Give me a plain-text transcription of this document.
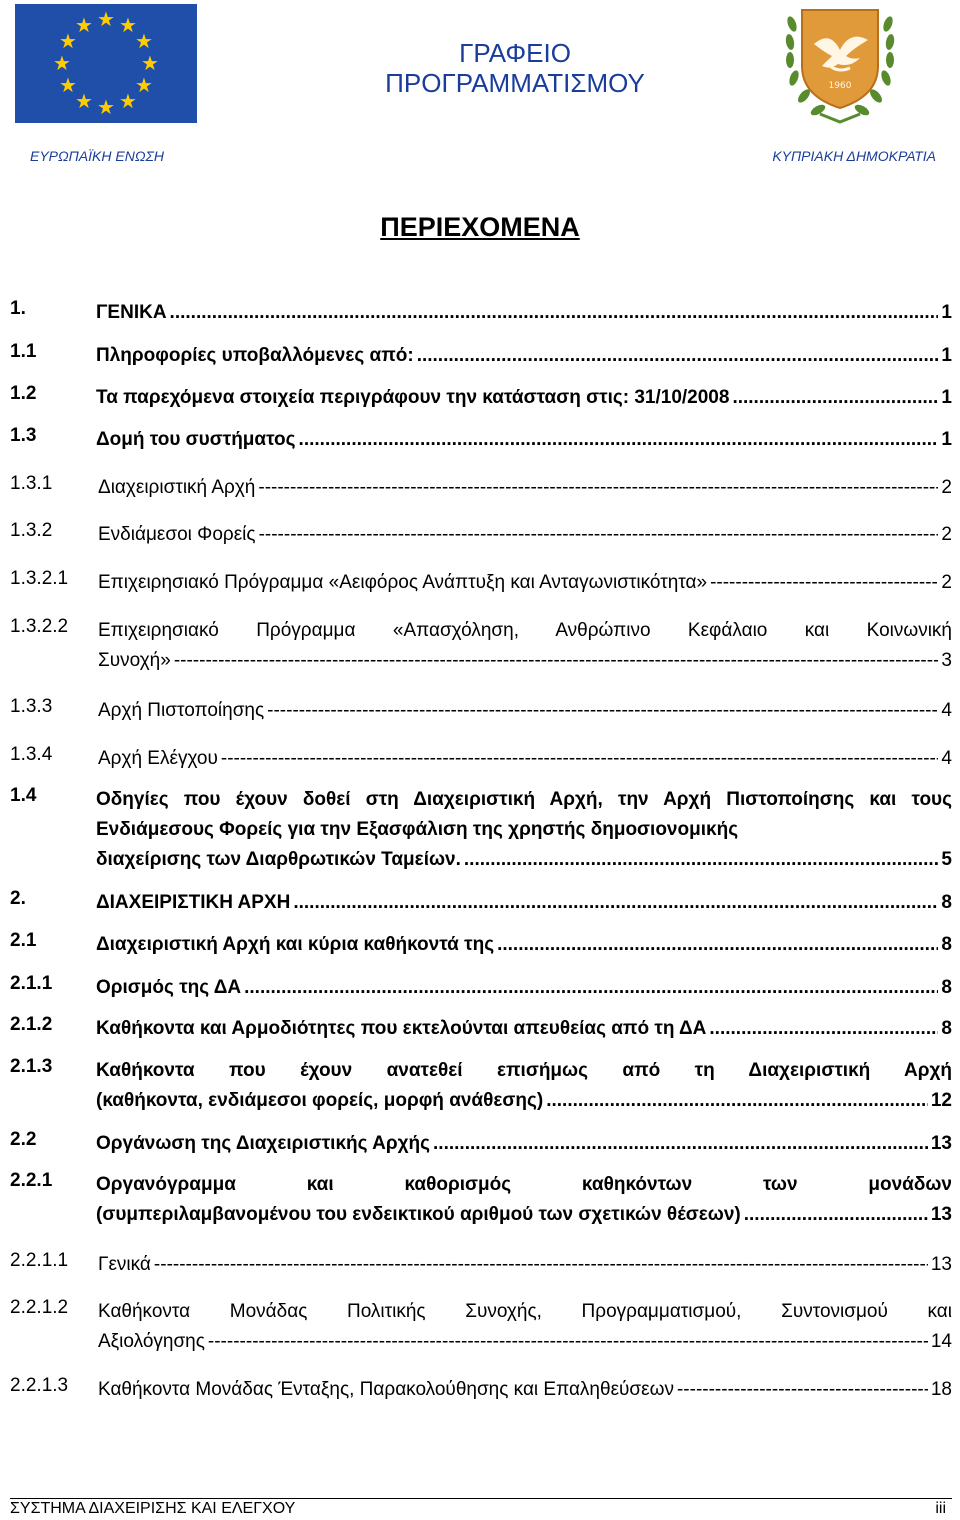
★ ★
★
★
★
★
★
★
★
★
★
★
ΓΡΑΦΕΙΟ
ΠΡΟΓΡΑΜΜΑΤΙΣΜΟΥ	1960
ΕΥΡΩΠΑΪΚΗ ΕΝΩΣΗ	ΚΥΠΡΙΑΚΗ ΔΗΜΟΚΡΑΤΙΑ
ΠΕΡΙΕΧΟΜΕΝΑ
1.	ΓΕΝΙΚΑ .....	1
1.1	Πληροφορίες υποβαλλόμενες από: .....	1
1.2	Τα παρεχόμενα στοιχεία περιγράφουν την κατάσταση στις: 31/10/2008 .....	1
1.3	Δομή του συστήματος .....	1
1.3.1 Διαχειριστική Αρχή -----	2
1.3.2 Ενδιάμεσοι Φορείς -----	2
1.3.2.1 Επιχειρησιακό Πρόγραμμα «Αειφόρος Ανάπτυξη και Ανταγωνιστικότητα» -----	2
1.3.2.2 Επιχειρησιακό Πρόγραμμα «Απασχόληση, Ανθρώπινο Κεφάλαιο και Κοινωνική
Συνοχή» -----	3
1.3.3 Αρχή Πιστοποίησης -----	4
1.3.4 Αρχή Ελέγχου -----	4
1.4	Οδηγίες που έχουν δοθεί στη Διαχειριστική Αρχή, την Αρχή Πιστοποίησης και τους Ενδιάμεσους Φορείς για την Εξασφάλιση της χρηστής δημοσιονομικής
διαχείρισης των Διαρθρωτικών Ταμείων. .....	5
2.	ΔΙΑΧΕΙΡΙΣΤΙΚΗ ΑΡΧΗ .....	8
2.1	Διαχειριστική Αρχή και κύρια καθήκοντά της .....	8
2.1.1 Ορισμός της ΔΑ .....	8
2.1.2 Καθήκοντα και Αρμοδιότητες που εκτελούνται απευθείας από τη ΔΑ .....	8
2.1.3 Καθήκοντα που έχουν ανατεθεί επισήμως από τη Διαχειριστική Αρχή
(καθήκοντα, ενδιάμεσοι φορείς, μορφή ανάθεσης) .....	12
2.2	Οργάνωση της Διαχειριστικής Αρχής .....	13
2.2.1 Οργανόγραμμα και καθορισμός καθηκόντων των μονάδων
(συμπεριλαμβανομένου του ενδεικτικού αριθμού των σχετικών θέσεων) .....	13
2.2.1.1 Γενικά -----	13
2.2.1.2 Καθήκοντα Μονάδας Πολιτικής Συνοχής, Προγραμματισμού, Συντονισμού και
Αξιολόγησης -----	14
2.2.1.3 Καθήκοντα Μονάδας Ένταξης, Παρακολούθησης και Επαληθεύσεων -----	18
ΣΥΣΤΗΜΑ ΔΙΑΧΕΙΡΙΣΗΣ ΚΑΙ ΕΛΕΓΧΟΥ	iii
